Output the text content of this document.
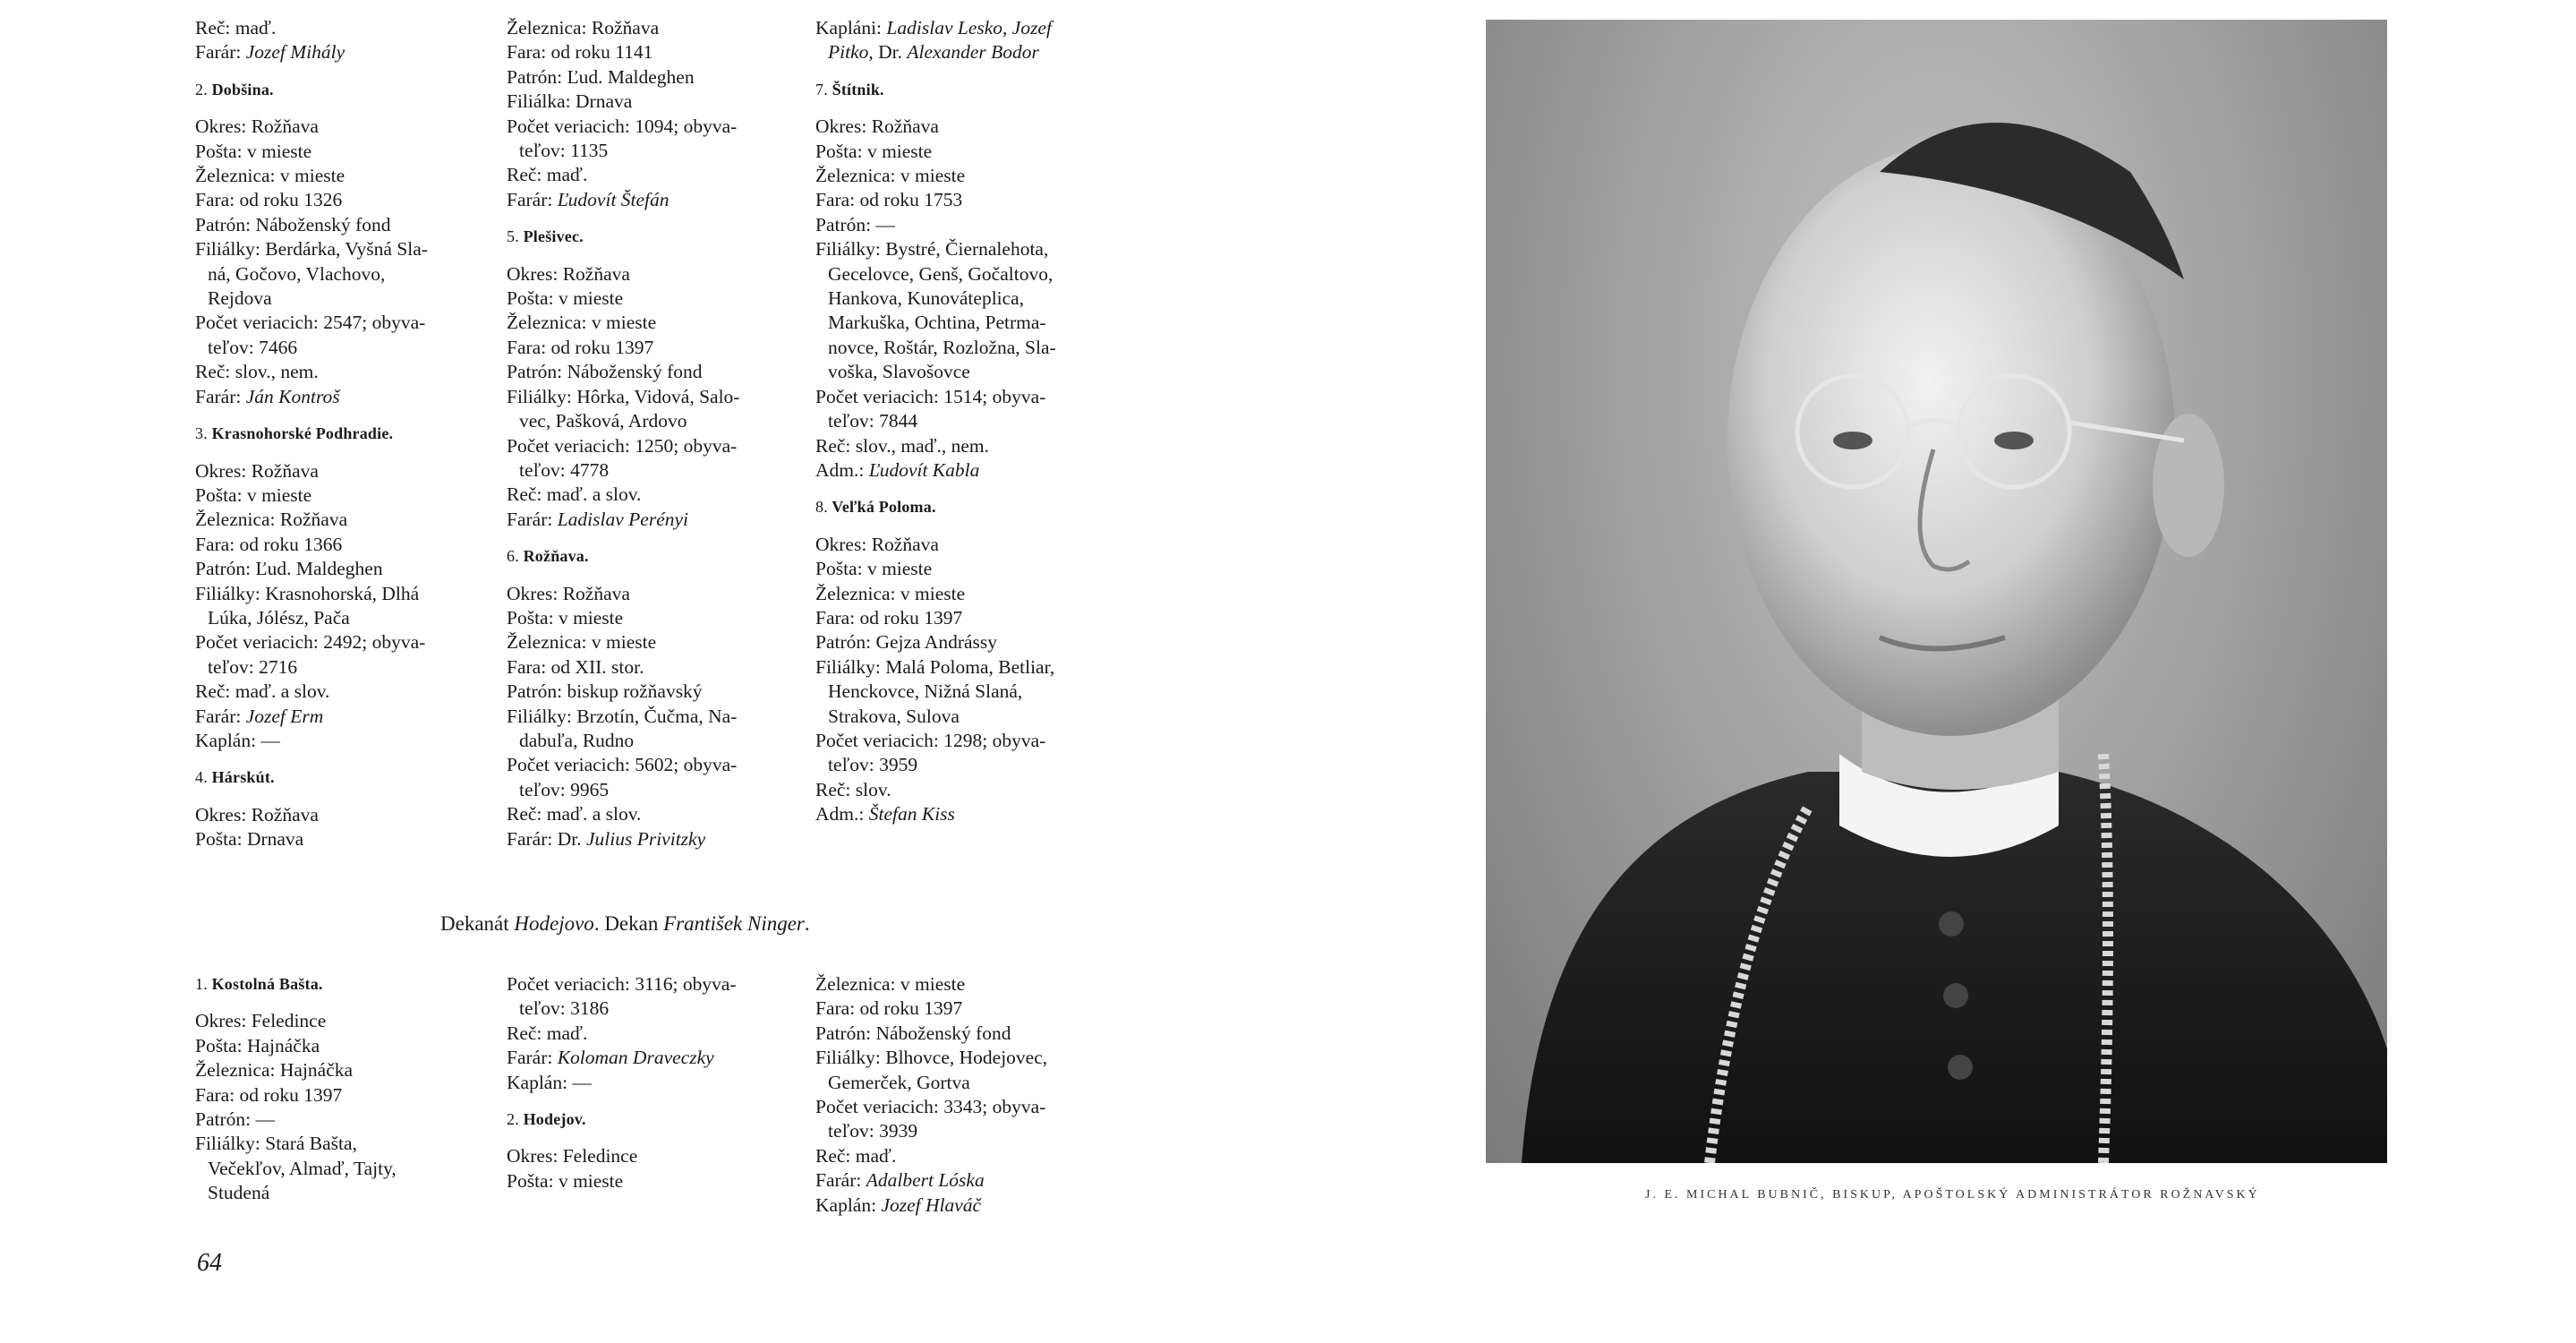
Reč: maď.
Farár: Jozef Mihály
2. Dobšina.
Okres: Rožňava
Pošta: v mieste
Železnica: v mieste
Fara: od roku 1326
Patrón: Náboženský fond
Filiálky: Berdárka, Vyšná Sla-
ná, Gočovo, Vlachovo,
Rejdova
Počet veriacich: 2547; obyva-
teľov: 7466
Reč: slov., nem.
Farár: Ján Kontroš
3. Krasnohorské Podhradie.
Okres: Rožňava
Pošta: v mieste
Železnica: Rožňava
Fara: od roku 1366
Patrón: Ľud. Maldeghen
Filiálky: Krasnohorská, Dlhá
Lúka, Jólész, Pača
Počet veriacich: 2492; obyva-
teľov: 2716
Reč: maď. a slov.
Farár: Jozef Erm
Kaplán: —
4. Hárskút.
Okres: Rožňava
Pošta: Drnava
Železnica: Rožňava
Fara: od roku 1141
Patrón: Ľud. Maldeghen
Filiálka: Drnava
Počet veriacich: 1094; obyva-
teľov: 1135
Reč: maď.
Farár: Ľudovít Štefán
5. Plešivec.
Okres: Rožňava
Pošta: v mieste
Železnica: v mieste
Fara: od roku 1397
Patrón: Náboženský fond
Filiálky: Hôrka, Vidová, Salo-
vec, Pašková, Ardovo
Počet veriacich: 1250; obyva-
teľov: 4778
Reč: maď. a slov.
Farár: Ladislav Perényi
6. Rožňava.
Okres: Rožňava
Pošta: v mieste
Železnica: v mieste
Fara: od XII. stor.
Patrón: biskup rožňavský
Filiálky: Brzotín, Čučma, Na-
dabuľa, Rudno
Počet veriacich: 5602; obyva-
teľov: 9965
Reč: maď. a slov.
Farár: Dr. Julius Privitzky
Kapláni: Ladislav Lesko, Jozef
Pitko, Dr. Alexander Bodor
7. Štítnik.
Okres: Rožňava
Pošta: v mieste
Železnica: v mieste
Fara: od roku 1753
Patrón: —
Filiálky: Bystré, Čiernalehota,
Gecelovce, Genš, Gočaltovo,
Hankova, Kunováteplica,
Markuška, Ochtina, Petrma-
novce, Roštár, Rozložna, Sla-
voška, Slavošovce
Počet veriacich: 1514; obyva-
teľov: 7844
Reč: slov., maď., nem.
Adm.: Ľudovít Kabla
8. Veľká Poloma.
Okres: Rožňava
Pošta: v mieste
Železnica: v mieste
Fara: od roku 1397
Patrón: Gejza Andrássy
Filiálky: Malá Poloma, Betliar,
Henckovce, Nižná Slaná,
Strakova, Sulova
Počet veriacich: 1298; obyva-
teľov: 3959
Reč: slov.
Adm.: Štefan Kiss
Dekanát Hodejovo. Dekan František Ninger.
1. Kostolná Bašta.
Okres: Feledince
Pošta: Hajnáčka
Železnica: Hajnáčka
Fara: od roku 1397
Patrón: —
Filiálky: Stará Bašta,
Večekľov, Almaď, Tajty,
Studená
Počet veriacich: 3116; obyva-
teľov: 3186
Reč: maď.
Farár: Koloman Draveczky
Kaplán: —
2. Hodejov.
Okres: Feledince
Pošta: v mieste
Železnica: v mieste
Fara: od roku 1397
Patrón: Náboženský fond
Filiálky: Blhovce, Hodejovec,
Gemerček, Gortva
Počet veriacich: 3343; obyva-
teľov: 3939
Reč: maď.
Farár: Adalbert Lóska
Kaplán: Jozef Hlaváč
64
J. E. MICHAL BUBNIČ, BISKUP, APOŠTOLSKÝ ADMINISTRÁTOR ROŽNAVSKÝ
